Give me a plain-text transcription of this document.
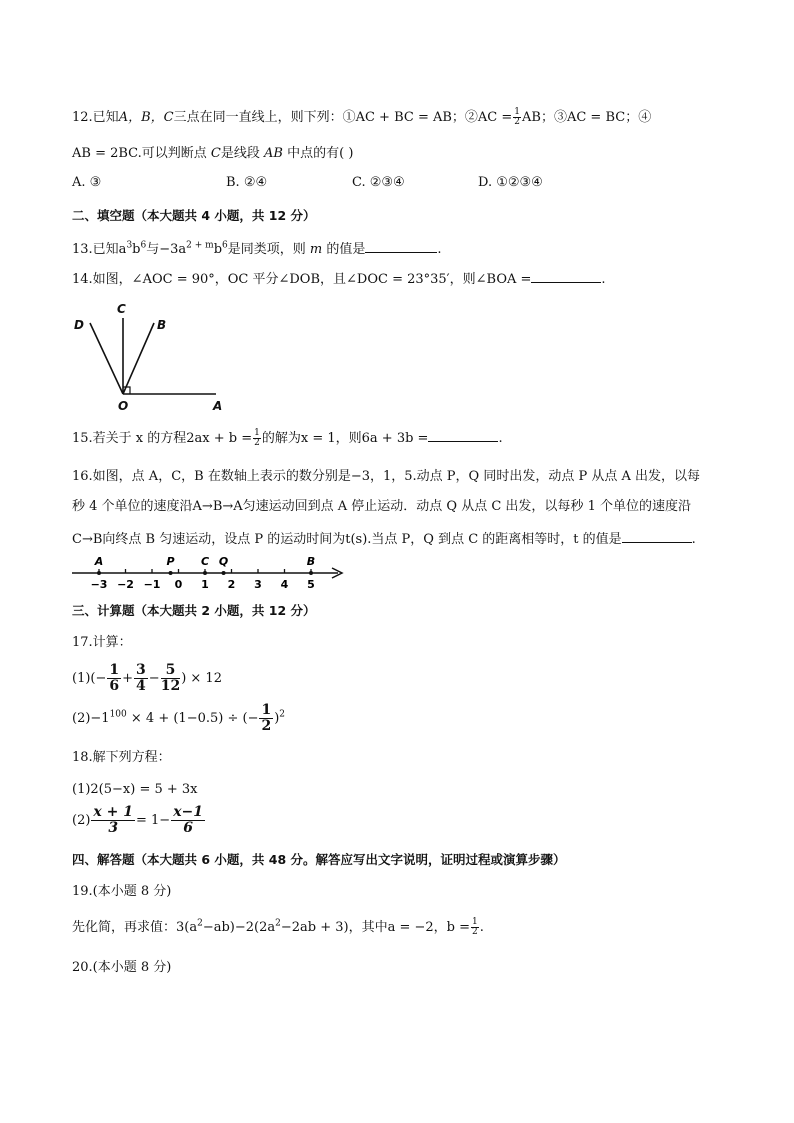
12.已知A，B，C三点在同一直线上，则下列：①AC + BC = AB；②AC = $\frac{1}{2}$ AB；③AC = BC；④
AB = 2BC.可以判断点 C是线段 AB 中点的有( )
A. ③	B. ②④	C. ②③④	D. ①②③④
二、填空题（本大题共 4 小题，共 12 分）
13.已知$a^3b^6$与$-3a^{2 + m}b^6$是同类项，则 m 的值是	.
14.如图，∠AOC = 90°，OC 平分∠DOB，且∠DOC = 23°35′，则∠BOA =	.
D
C
B
O	A
15.若关于 x 的方程$2ax + b = \frac{1}{2}$ 的解为x = 1，则6a + 3b =	.
16.如图，点 A，C，B 在数轴上表示的数分别是−3，1，5.动点 P，Q 同时出发，动点 P 从点 A 出发，以每
秒 4 个单位的速度沿A→B→A匀速运动回到点 A 停止运动．动点 Q 从点 C 出发，以每秒 1 个单位的速度沿
C→B向终点 B 匀速运动，设点 P 的运动时间为t(s).当点 P，Q 到点 C 的距离相等时，t 的值是	.
−3 −2 −1 0 1 2 3 4 5
A	P C Q	B
三、计算题（本大题共 2 小题，共 12 分）
17.计算：
$(1)(- \frac{1}{6} + \frac{3}{4} - \frac{5}{12}$ ) × 12
$(2)-1^{100} \times 4 + (1-0.5)$ ÷ (− $\frac{1}{2} )^2$
18.解下列方程：
(1)2(5−x) = 5 + 3x
$(2) \frac{x + 1}{3} = 1- \frac{x-1}{6}$
四、解答题（本大题共 6 小题，共 48 分。解答应写出文字说明，证明过程或演算步骤）
19.(本小题 8 分)
先化简，再求值：$3(a^2-ab)-2(2a^2-2ab + 3)$，其中a = −2，$b = \frac{1}{2}$ .
20.(本小题 8 分)
